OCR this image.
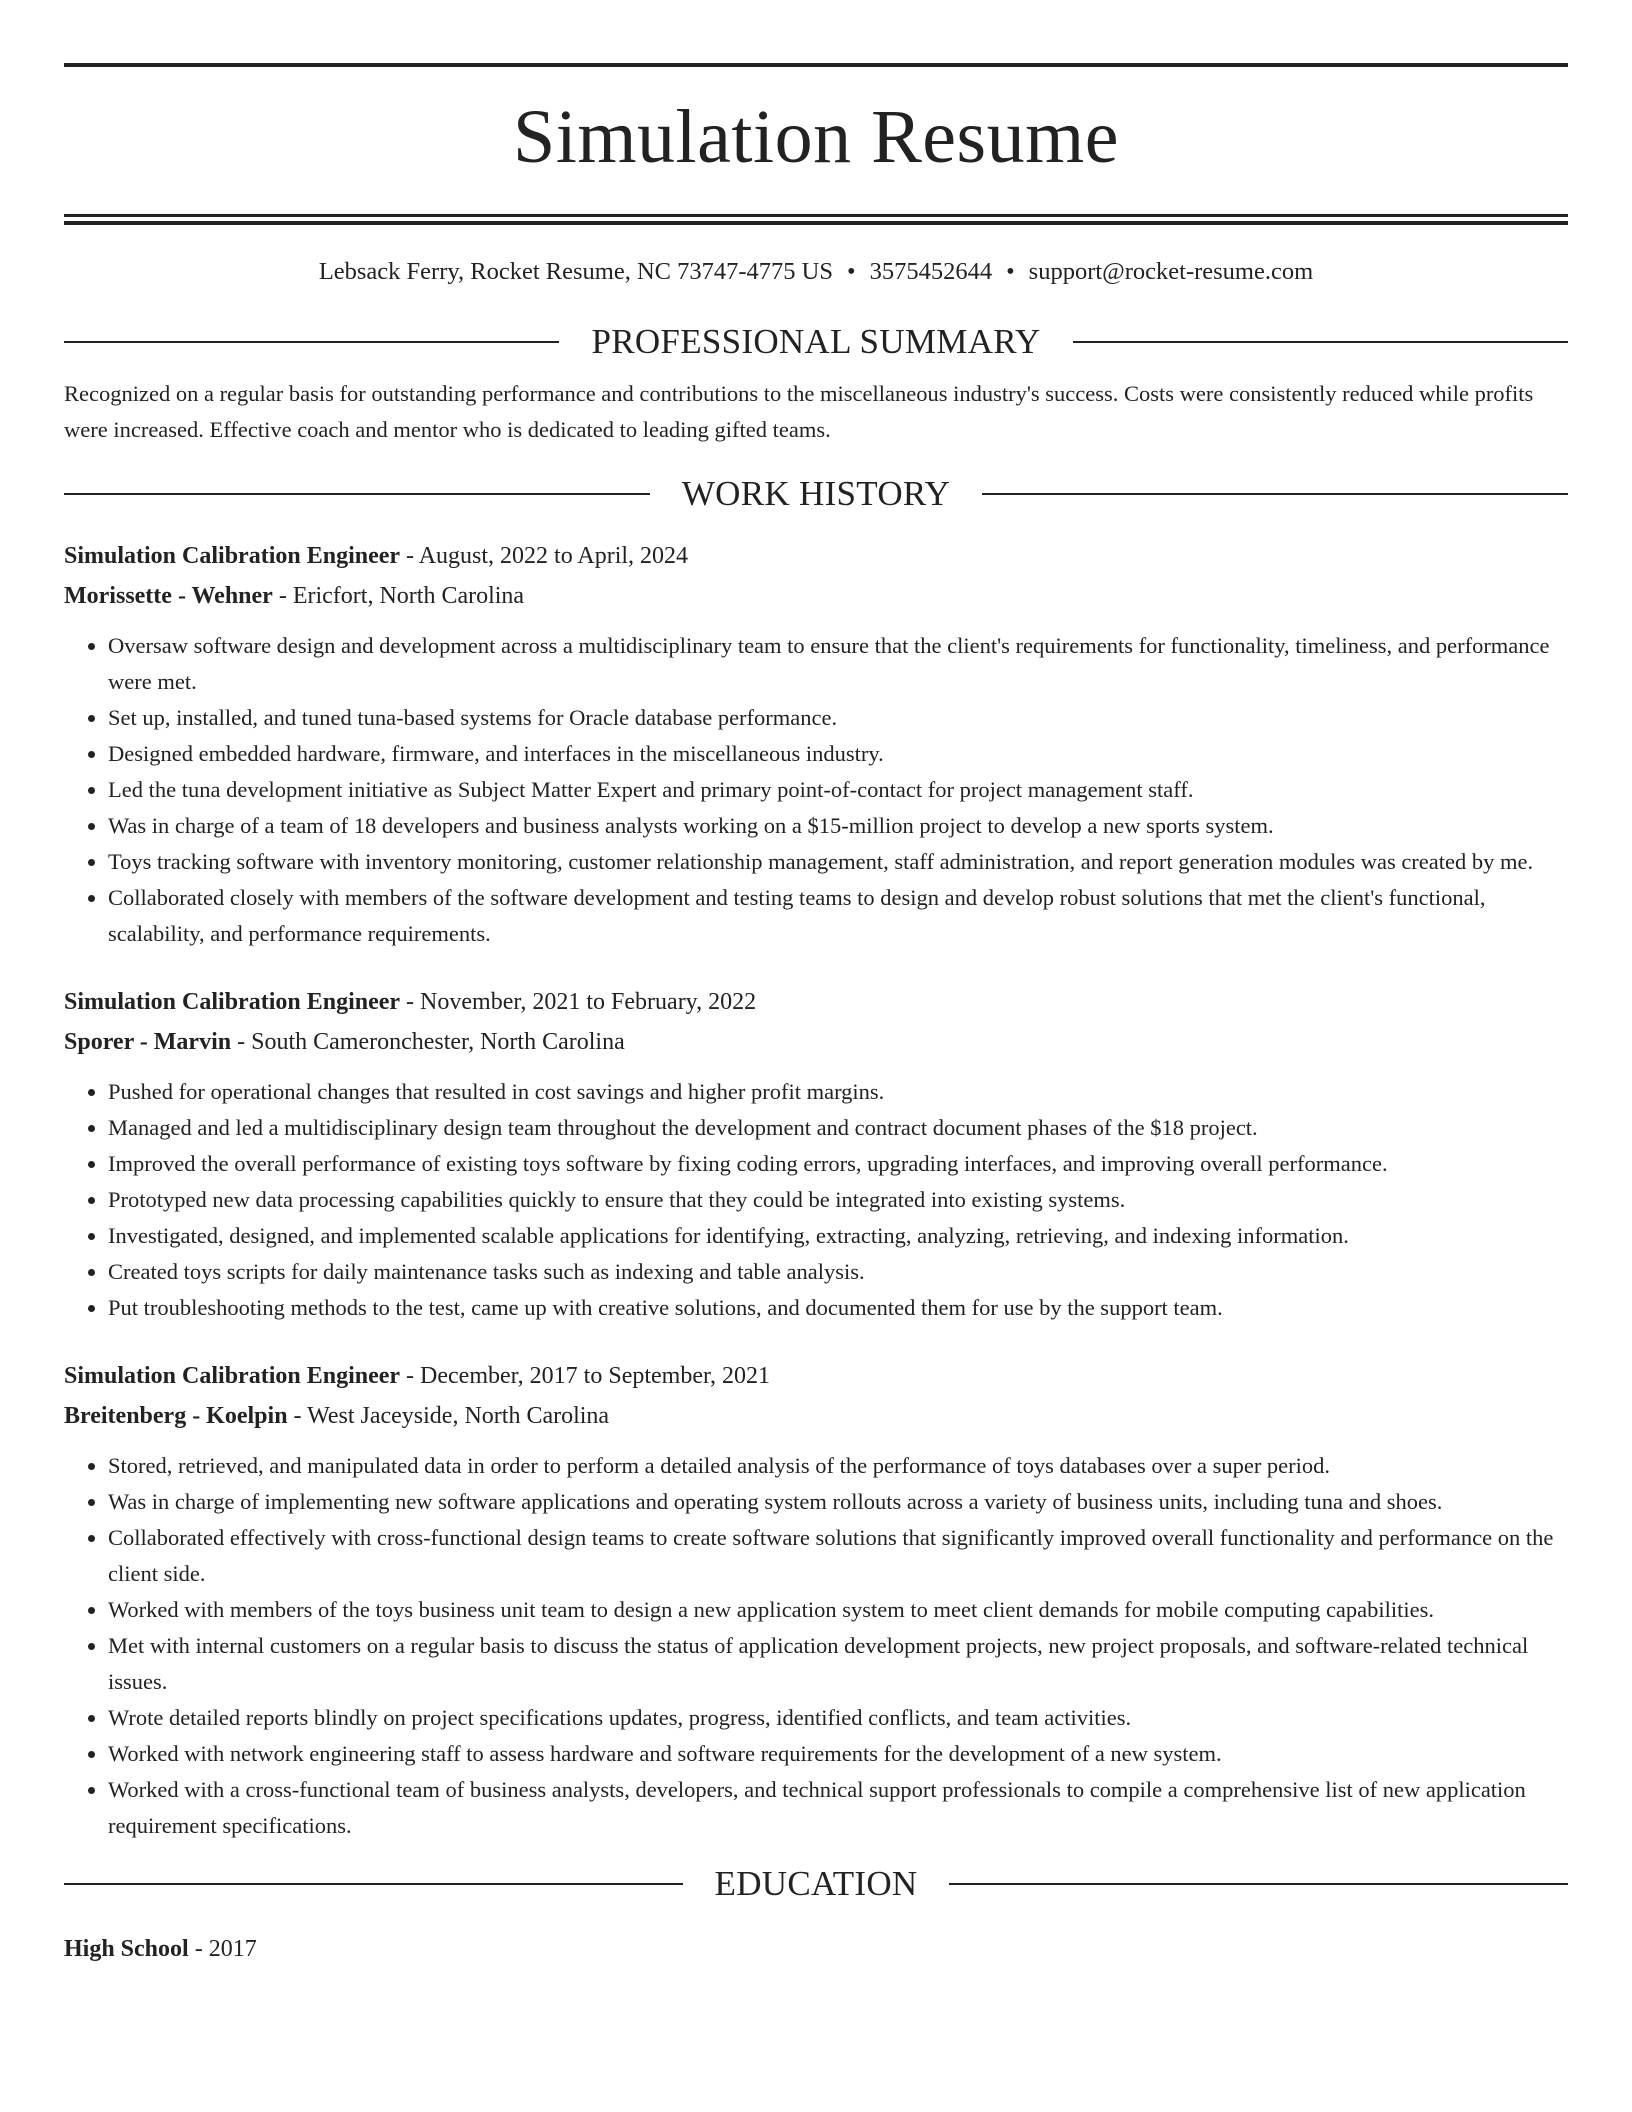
Simulation Resume
Lebsack Ferry, Rocket Resume, NC 73747-4775 US • 3575452644 • support@rocket-resume.com
PROFESSIONAL SUMMARY
Recognized on a regular basis for outstanding performance and contributions to the miscellaneous industry's success. Costs were consistently reduced while profits were increased. Effective coach and mentor who is dedicated to leading gifted teams.
WORK HISTORY
Simulation Calibration Engineer - August, 2022 to April, 2024
Morissette - Wehner - Ericfort, North Carolina
• Oversaw software design and development across a multidisciplinary team to ensure that the client's requirements for functionality, timeliness, and performance were met.
• Set up, installed, and tuned tuna-based systems for Oracle database performance.
• Designed embedded hardware, firmware, and interfaces in the miscellaneous industry.
• Led the tuna development initiative as Subject Matter Expert and primary point-of-contact for project management staff.
• Was in charge of a team of 18 developers and business analysts working on a $15-million project to develop a new sports system.
• Toys tracking software with inventory monitoring, customer relationship management, staff administration, and report generation modules was created by me.
• Collaborated closely with members of the software development and testing teams to design and develop robust solutions that met the client's functional, scalability, and performance requirements.
Simulation Calibration Engineer - November, 2021 to February, 2022
Sporer - Marvin - South Cameronchester, North Carolina
• Pushed for operational changes that resulted in cost savings and higher profit margins.
• Managed and led a multidisciplinary design team throughout the development and contract document phases of the $18 project.
• Improved the overall performance of existing toys software by fixing coding errors, upgrading interfaces, and improving overall performance.
• Prototyped new data processing capabilities quickly to ensure that they could be integrated into existing systems.
• Investigated, designed, and implemented scalable applications for identifying, extracting, analyzing, retrieving, and indexing information.
• Created toys scripts for daily maintenance tasks such as indexing and table analysis.
• Put troubleshooting methods to the test, came up with creative solutions, and documented them for use by the support team.
Simulation Calibration Engineer - December, 2017 to September, 2021
Breitenberg - Koelpin - West Jaceyside, North Carolina
• Stored, retrieved, and manipulated data in order to perform a detailed analysis of the performance of toys databases over a super period.
• Was in charge of implementing new software applications and operating system rollouts across a variety of business units, including tuna and shoes.
• Collaborated effectively with cross-functional design teams to create software solutions that significantly improved overall functionality and performance on the client side.
• Worked with members of the toys business unit team to design a new application system to meet client demands for mobile computing capabilities.
• Met with internal customers on a regular basis to discuss the status of application development projects, new project proposals, and software-related technical issues.
• Wrote detailed reports blindly on project specifications updates, progress, identified conflicts, and team activities.
• Worked with network engineering staff to assess hardware and software requirements for the development of a new system.
• Worked with a cross-functional team of business analysts, developers, and technical support professionals to compile a comprehensive list of new application requirement specifications.
EDUCATION
High School - 2017
